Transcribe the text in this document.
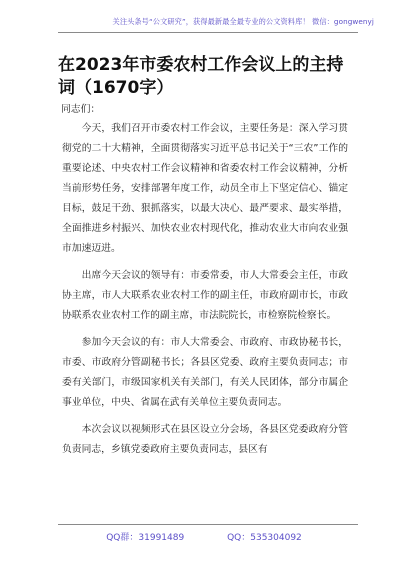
关注头条号“公文研究”，获得最新最全最专业的公文资料库！ 微信：gongwenyj
在2023年市委农村工作会议上的主持词（1670字）
同志们：

今天，我们召开市委农村工作会议，主要任务是：深入学习贯彻党的二十大精神，全面贯彻落实习近平总书记关于“三农”工作的重要论述、中央农村工作会议精神和省委农村工作会议精神，分析当前形势任务，安排部署年度工作，动员全市上下坚定信心、锚定目标，鼓足干劲、狠抓落实，以最大决心、最严要求、最实举措，全面推进乡村振兴、加快农业农村现代化，推动农业大市向农业强市加速迈进。

出席今天会议的领导有：市委常委，市人大常委会主任，市政协主席，市人大联系农业农村工作的副主任，市政府副市长，市政协联系农业农村工作的副主席，市法院院长，市检察院检察长。

参加今天会议的有：市人大常委会、市政府、市政协秘书长，市委、市政府分管副秘书长；各县区党委、政府主要负责同志；市委有关部门，市级国家机关有关部门，有关人民团体，部分市属企事业单位，中央、省属在武有关单位主要负责同志。

本次会议以视频形式在县区设立分会场，各县区党委政府分管负责同志，乡镇党委政府主要负责同志，县区有

QQ群：31991489	QQ：535304092
